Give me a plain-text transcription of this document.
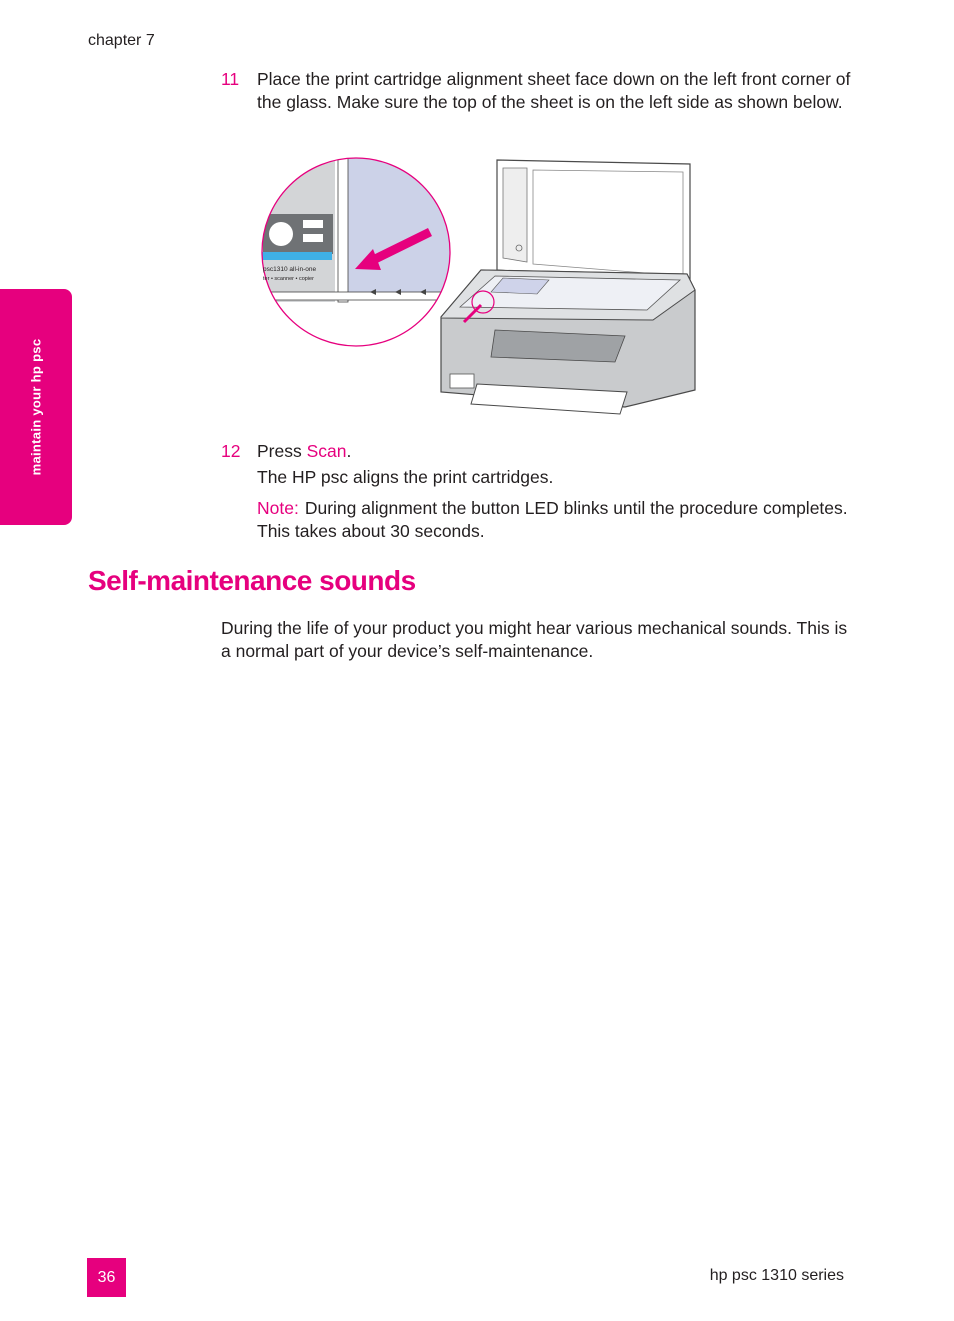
chapter 7
maintain your hp psc
11 Place the print cartridge alignment sheet face down on the left front corner of the glass. Make sure the top of the sheet is on the left side as shown below.
psc1310 all-in-one
ter • scanner • copier
12 Press Scan.
The HP psc aligns the print cartridges.
Note: During alignment the button LED blinks until the procedure completes. This takes about 30 seconds.
Self-maintenance sounds
During the life of your product you might hear various mechanical sounds. This is a normal part of your device’s self-maintenance.
36	hp psc 1310 series
